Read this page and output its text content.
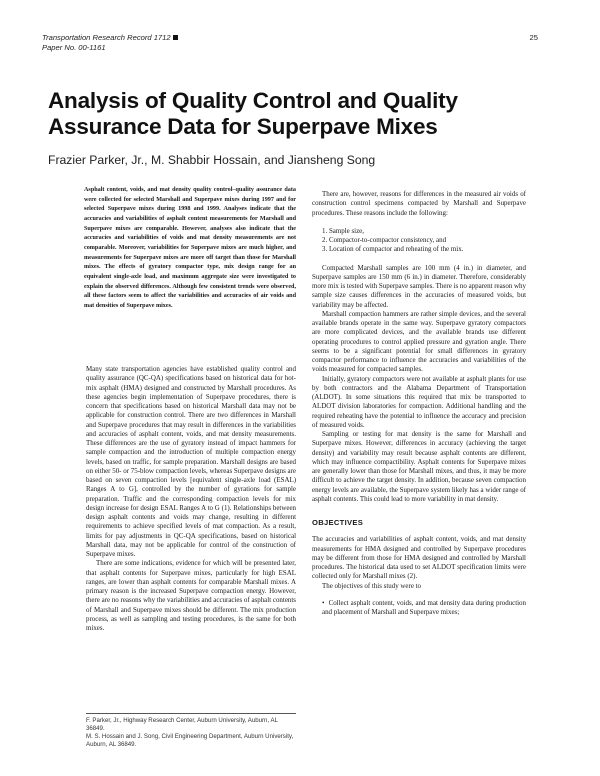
Transportation Research Record 1712
Paper No. 00-1161
25
Analysis of Quality Control and Quality Assurance Data for Superpave Mixes
Frazier Parker, Jr., M. Shabbir Hossain, and Jiansheng Song
Asphalt content, voids, and mat density quality control–quality assurance data were collected for selected Marshall and Superpave mixes during 1997 and for selected Superpave mixes during 1998 and 1999. Analyses indicate that the accuracies and variabilities of asphalt content measurements for Marshall and Superpave mixes are comparable. However, analyses also indicate that the accuracies and variabilities of voids and mat density measurements are not comparable. Moreover, variabilities for Superpave mixes are much higher, and measurements for Superpave mixes are more off target than those for Marshall mixes. The effects of gyratory compactor type, mix design range for an equivalent single-axle load, and maximum aggregate size were investigated to explain the observed differences. Although few consistent trends were observed, all these factors seem to affect the variabilities and accuracies of air voids and mat densities of Superpave mixes.

Many state transportation agencies have established quality control and quality assurance (QC-QA) specifications based on historical data for hot-mix asphalt (HMA) designed and constructed by Marshall procedures. As these agencies begin implementation of Superpave procedures, there is concern that specifications based on historical Marshall data may not be applicable for construction control. There are two differences in Marshall and Superpave procedures that may result in differences in the variabilities and accuracies of asphalt content, voids, and mat density measurements. These differences are the use of gyratory instead of impact hammers for sample compaction and the introduction of multiple compaction energy levels, based on traffic, for sample preparation. Marshall designs are based on either 50- or 75-blow compaction levels, whereas Superpave designs are based on seven compaction levels [equivalent single-axle load (ESAL) Ranges A to G], controlled by the number of gyrations for sample preparation. Traffic and the corresponding compaction levels for mix design increase for design ESAL Ranges A to G (1). Relationships between design asphalt contents and voids may change, resulting in different requirements to achieve specified levels of mat compaction. As a result, limits for pay adjustments in QC-QA specifications, based on historical Marshall data, may not be applicable for control of the construction of Superpave mixes.

There are some indications, evidence for which will be presented later, that asphalt contents for Superpave mixes, particularly for high ESAL ranges, are lower than asphalt contents for comparable Marshall mixes. A primary reason is the increased Superpave compaction energy. However, there are no reasons why the variabilities and accuracies of asphalt contents of Marshall and Superpave mixes should be different. The mix production process, as well as sampling and testing procedures, is the same for both mixes.

F. Parker, Jr., Highway Research Center, Auburn University, Auburn, AL 36849.
M. S. Hossain and J. Song, Civil Engineering Department, Auburn University,
Auburn, AL 36849.

There are, however, reasons for differences in the measured air voids of construction control specimens compacted by Marshall and Superpave procedures. These reasons include the following:

1. Sample size,
2. Compactor-to-compactor consistency, and
3. Location of compactor and reheating of the mix.

Compacted Marshall samples are 100 mm (4 in.) in diameter, and Superpave samples are 150 mm (6 in.) in diameter. Therefore, considerably more mix is tested with Superpave samples. There is no apparent reason why sample size causes differences in the accuracies of measured voids, but variability may be affected.

Marshall compaction hammers are rather simple devices, and the several available brands operate in the same way. Superpave gyratory compactors are more complicated devices, and the available brands use different operating procedures to control applied pressure and gyration angle. There seems to be a significant potential for small differences in gyratory compactor performance to influence the accuracies and variabilities of the voids measured for compacted samples.

Initially, gyratory compactors were not available at asphalt plants for use by both contractors and the Alabama Department of Transportation (ALDOT). In some situations this required that mix be transported to ALDOT division laboratories for compaction. Additional handling and the required reheating have the potential to influence the accuracy and precision of measured voids.

Sampling or testing for mat density is the same for Marshall and Superpave mixes. However, differences in accuracy (achieving the target density) and variability may result because asphalt contents are different, which may influence compactibility. Asphalt contents for Superpave mixes are generally lower than those for Marshall mixes, and thus, it may be more difficult to achieve the target density. In addition, because seven compaction energy levels are available, the Superpave system likely has a wider range of asphalt contents. This could lead to more variability in mat density.

OBJECTIVES

The accuracies and variabilities of asphalt content, voids, and mat density measurements for HMA designed and controlled by Superpave procedures may be different from those for HMA designed and controlled by Marshall procedures. The historical data used to set ALDOT specification limits were collected only for Marshall mixes (2).

The objectives of this study were to

•  Collect asphalt content, voids, and mat density data during production and placement of Marshall and Superpave mixes;
